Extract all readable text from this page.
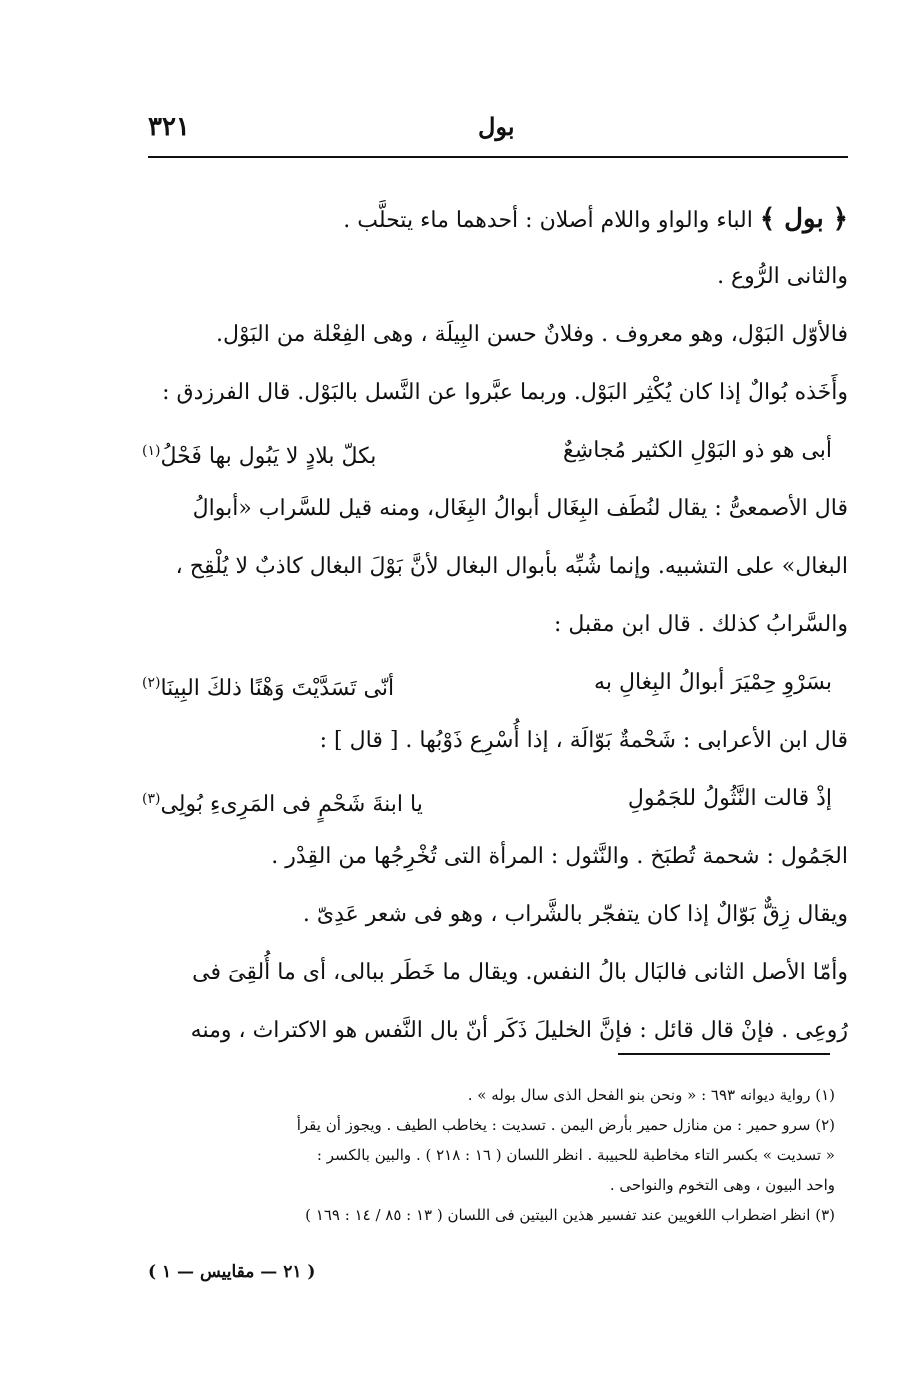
٣٢١	بول
﴿ بول ﴾ الباء والواو واللام أصلان : أحدهما ماء يتحلَّب .
والثانى الرُّوع .
فالأوّل البَوْل، وهو معروف . وفلانٌ حسن البِيلَة ، وهى الفِعْلة من البَوْل.
وأَخَذه بُوالٌ إذا كان يُكْثِر البَوْل. وربما عبَّروا عن النَّسل بالبَوْل. قال الفرزدق :
أبى هو ذو البَوْلِ الكثير مُجاشِعٌ
بكلّ بلادٍ لا يَبُول بها فَحْلُ(١)
قال الأصمعىُّ : يقال لنُطَف البِغَال أبوالُ البِغَال، ومنه قيل للسَّراب «أبوالُ
البغال» على التشبيه. وإنما شُبِّه بأبوال البغال لأنَّ بَوْلَ البغال كاذبٌ لا يُلْقِح ،
والسَّرابُ كذلك . قال ابن مقبل :
بسَرْوِ حِمْيَرَ أبوالُ البِغالِ به
أنّى تَسَدَّيْتَ وَهْنًا ذلكَ البِينَا(٢)
قال ابن الأعرابى : شَحْمةٌ بَوّالَة ، إذا أُسْرِع ذَوْبُها . [ قال ] :
إذْ قالت النَّثُولُ للجَمُولِ
يا ابنةَ شَحْمٍ فى المَرِىءِ بُولِى(٣)
الجَمُول : شحمة تُطبَخ . والنَّثول : المرأة التى تُخْرِجُها من القِدْر .
ويقال زِقٌّ بَوّالٌ إذا كان يتفجّر بالشَّراب ، وهو فى شعر عَدِىّ .
وأمّا الأصل الثانى فالبَال بالُ النفس. ويقال ما خَطَر ببالى، أى ما أُلقِىَ فى
رُوعِى . فإنْ قال قائل : فإنَّ الخليلَ ذَكَر أنّ بال النَّفس هو الاكتراث ، ومنه
(١) رواية ديوانه ٦٩٣ : « ونحن بنو الفحل الذى سال بوله » .
(٢) سرو حمير : من منازل حمير بأرض اليمن . تسديت : يخاطب الطيف . ويجوز أن يقرأ
« تسديت » بكسر التاء مخاطبة للحبيبة . انظر اللسان ( ١٦ : ٢١٨ ) . والبين بالكسر :
واحد البيون ، وهى التخوم والنواحى .
(٣) انظر اضطراب اللغويين عند تفسير هذين البيتين فى اللسان ( ١٣ : ٨٥ / ١٤ : ١٦٩ )
( ٢١ — مقاييس — ١ )
